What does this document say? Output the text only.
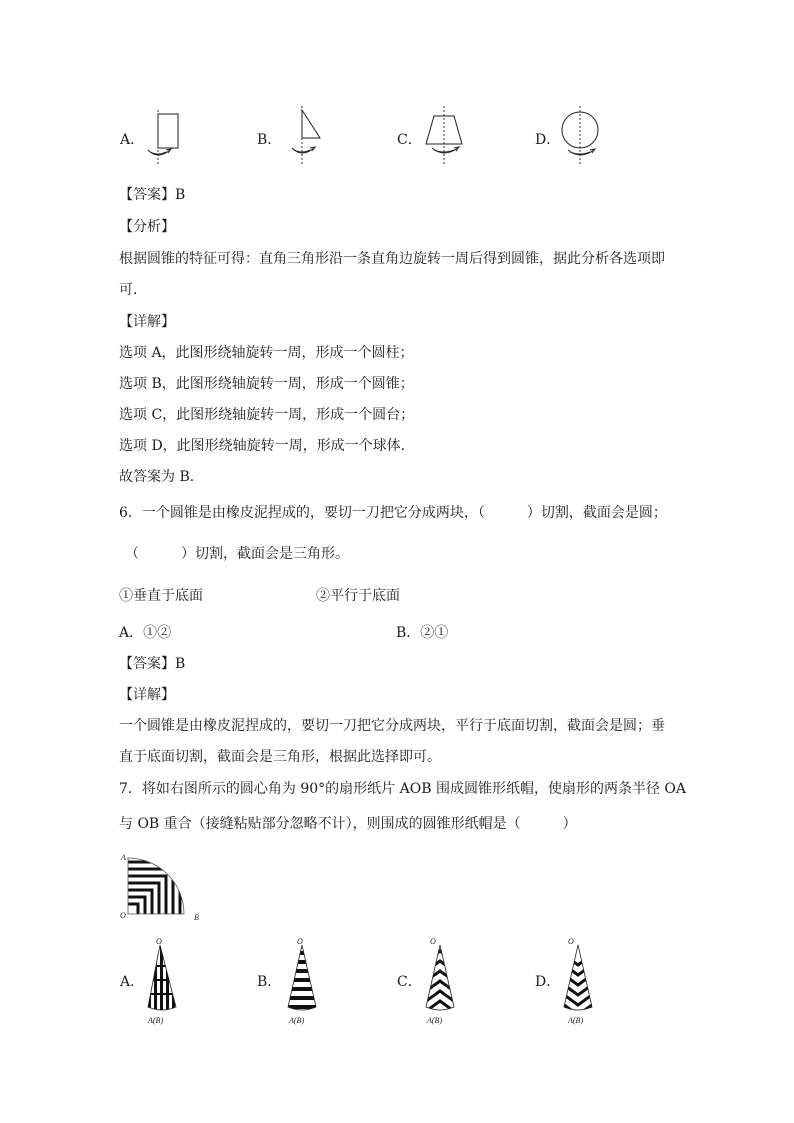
A．	B．	C．	D．
【答案】B
【分析】
根据圆锥的特征可得：直角三角形沿一条直角边旋转一周后得到圆锥，据此分析各选项即
可.
【详解】
选项 A，此图形绕轴旋转一周，形成一个圆柱；
选项 B，此图形绕轴旋转一周，形成一个圆锥；
选项 C，此图形绕轴旋转一周，形成一个圆台；
选项 D，此图形绕轴旋转一周，形成一个球体.
故答案为 B.
6．一个圆锥是由橡皮泥捏成的，要切一刀把它分成两块，（　　　）切割，截面会是圆；
（　　　）切割，截面会是三角形。
①垂直于底面	②平行于底面
A．①②	B．②①
【答案】B
【详解】
一个圆锥是由橡皮泥捏成的，要切一刀把它分成两块，平行于底面切割，截面会是圆；垂
直于底面切割，截面会是三角形，根据此选择即可。
7．将如右图所示的圆心角为 90°的扇形纸片 AOB 围成圆锥形纸帽，使扇形的两条半径 OA
与 OB 重合（接缝粘贴部分忽略不计），则围成的圆锥形纸帽是（　　　）
A
O	B
A．	B．	C．	D．
O
A(B)
O
A(B)
O
A(B)
O
A(B)
